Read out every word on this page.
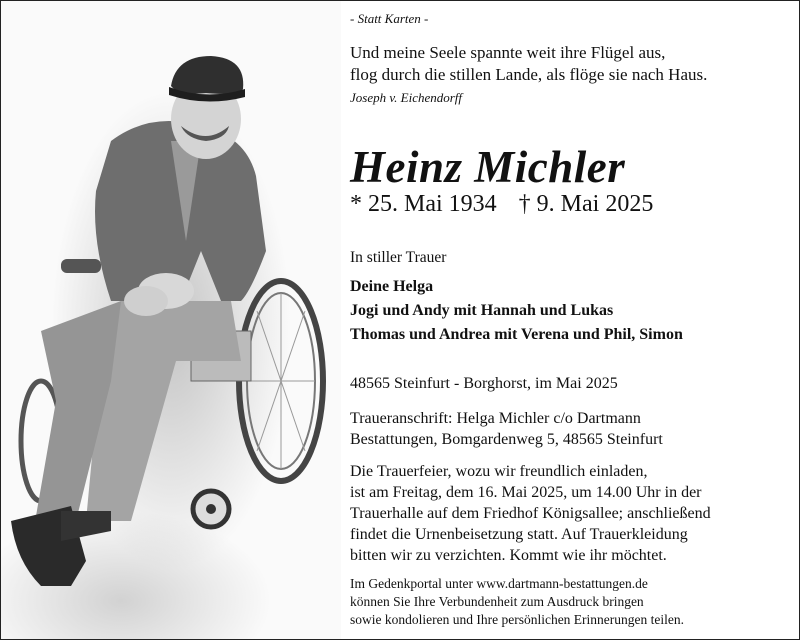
- Statt Karten -
Und meine Seele spannte weit ihre Flügel aus,
flog durch die stillen Lande, als flöge sie nach Haus.
Joseph v. Eichendorff
Heinz Michler
* 25. Mai 1934 † 9. Mai 2025
In stiller Trauer
Deine Helga
Jogi und Andy mit Hannah und Lukas
Thomas und Andrea mit Verena und Phil, Simon
48565 Steinfurt - Borghorst, im Mai 2025
Traueranschrift: Helga Michler c/o Dartmann
Bestattungen, Bomgardenweg 5, 48565 Steinfurt
Die Trauerfeier, wozu wir freundlich einladen,
ist am Freitag, dem 16. Mai 2025, um 14.00 Uhr in der
Trauerhalle auf dem Friedhof Königsallee; anschließend
findet die Urnenbeisetzung statt. Auf Trauerkleidung
bitten wir zu verzichten. Kommt wie ihr möchtet.
Im Gedenkportal unter www.dartmann-bestattungen.de
können Sie Ihre Verbundenheit zum Ausdruck bringen
sowie kondolieren und Ihre persönlichen Erinnerungen teilen.
